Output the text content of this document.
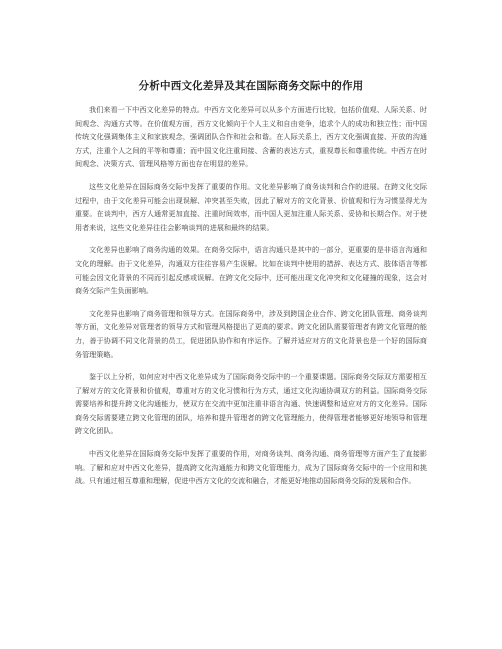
分析中西文化差异及其在国际商务交际中的作用

我们来看一下中西文化差异的特点。中西方文化差异可以从多个方面进行比较，包括价值观、人际关系、时间观念、沟通方式等。在价值观方面，西方文化倾向于个人主义和自由竞争，追求个人的成功和独立性；而中国传统文化强调集体主义和家族观念，强调团队合作和社会和谐。在人际关系上，西方文化强调直接、开放的沟通方式，注重个人之间的平等和尊重；而中国文化注重间接、含蓄的表达方式，重视尊长和尊重传统。中西方在时间观念、决策方式、管理风格等方面也存在明显的差异。

这些文化差异在国际商务交际中发挥了重要的作用。文化差异影响了商务谈判和合作的进展。在跨文化交际过程中，由于文化差异可能会出现误解、冲突甚至失败，因此了解对方的文化背景、价值观和行为习惯显得尤为重要。在谈判中，西方人通常更加直接、注重时间效率，而中国人更加注重人际关系、妥协和长期合作。对于使用者来说，这些文化差异往往会影响谈判的进展和最终的结果。

文化差异也影响了商务沟通的效果。在商务交际中，语言沟通只是其中的一部分，更重要的是非语言沟通和文化的理解。由于文化差异，沟通双方往往容易产生误解。比如在谈判中使用的措辞、表达方式、肢体语言等都可能会因文化背景的不同而引起反感或误解。在跨文化交际中，还可能出现文化冲突和文化碰撞的现象，这会对商务交际产生负面影响。

文化差异也影响了商务管理和领导方式。在国际商务中，涉及到跨国企业合作、跨文化团队管理、商务谈判等方面，文化差异对管理者的领导方式和管理风格提出了更高的要求。跨文化团队需要管理者有跨文化管理的能力，善于协调不同文化背景的员工，促进团队协作和有序运作。了解并适应对方的文化背景也是一个好的国际商务管理策略。

鉴于以上分析，如何应对中西文化差异成为了国际商务交际中的一个重要课题。国际商务交际双方需要相互了解对方的文化背景和价值观，尊重对方的文化习惯和行为方式，通过文化沟通协调双方的利益。国际商务交际需要培养和提升跨文化沟通能力，使双方在交流中更加注重非语言沟通、快速调整和适应对方的文化差异。国际商务交际需要建立跨文化管理的团队，培养和提升管理者的跨文化管理能力，使得管理者能够更好地领导和管理跨文化团队。

中西文化差异在国际商务交际中发挥了重要的作用，对商务谈判、商务沟通、商务管理等方面产生了直接影响。了解和应对中西文化差异，提高跨文化沟通能力和跨文化管理能力，成为了国际商务交际中的一个应用和挑战。只有通过相互尊重和理解，促进中西方文化的交流和融合，才能更好地推动国际商务交际的发展和合作。
